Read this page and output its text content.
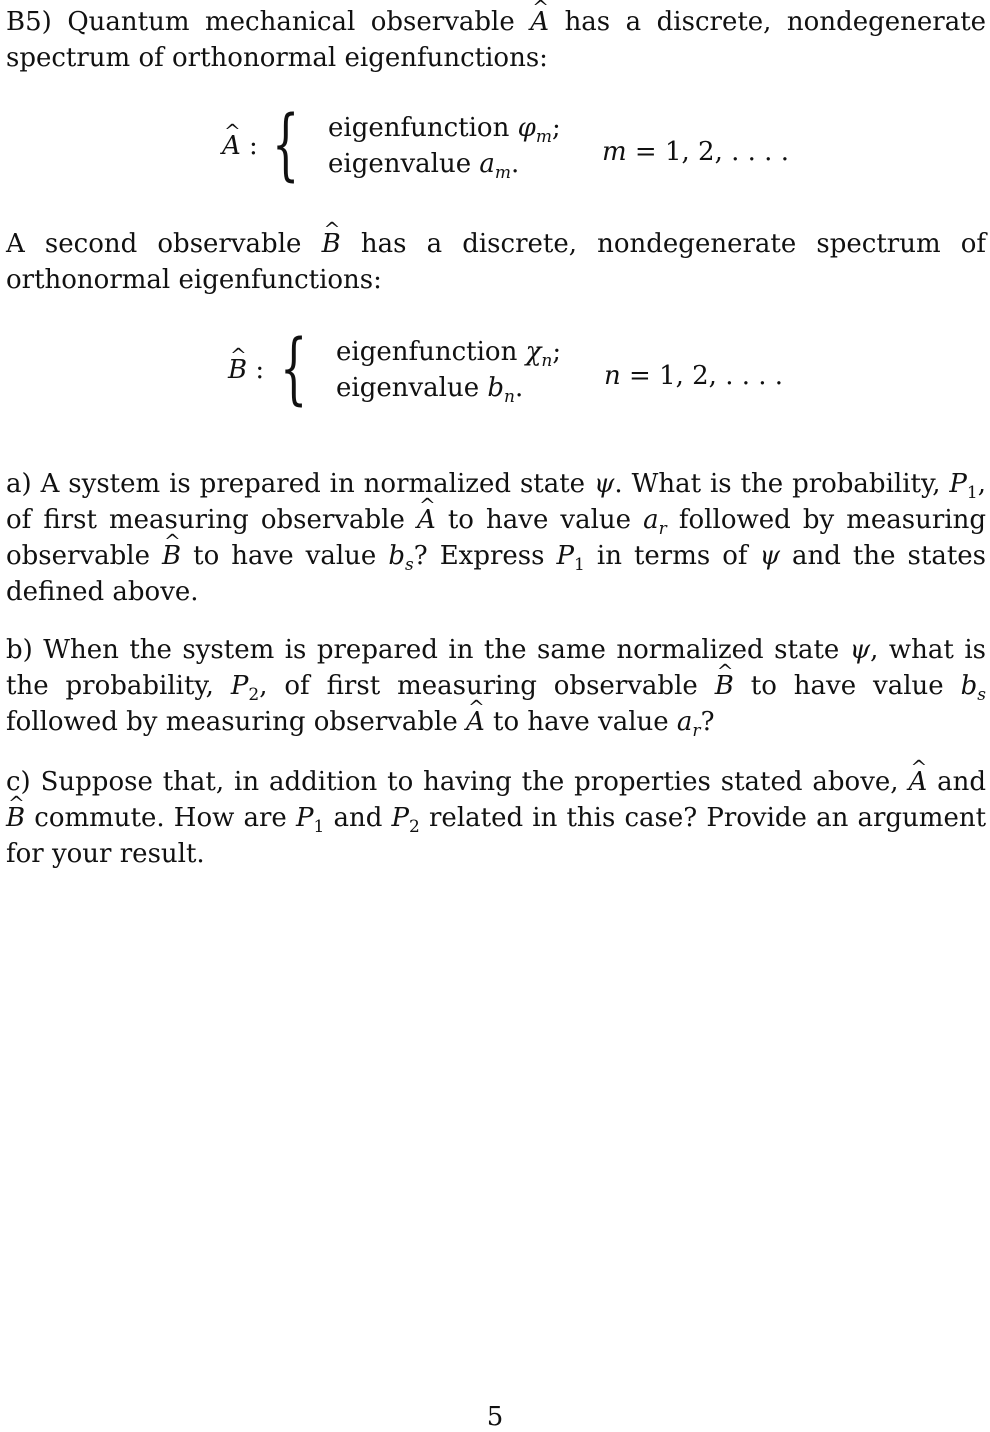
B5) Quantum mechanical observable ^ A has a discrete, nondegenerate spectrum of orthonormal eigenfunctions:

^ A : { eigenfunction $\varphi_m$;
eigenvalue $a_m$.	m = 1, 2, . . . .

A second observable ^ B has a discrete, nondegenerate spectrum of orthonormal eigenfunctions:

^ B : { eigenfunction $\chi_n$;
eigenvalue $b_n$.	n = 1, 2, . . . .

a) A system is prepared in normalized state ψ. What is the probability, $P_1$, of first measuring observable ^ A to have value $a_r$ followed by measuring observable ^ B to have value $b_s$? Express $P_1$ in terms of ψ and the states defined above.

b) When the system is prepared in the same normalized state ψ, what is the probability, $P_2$, of first measuring observable ^ B to have value $b_s$ followed by measuring observable ^ A to have value $a_r$?

c) Suppose that, in addition to having the properties stated above, ^ A and ^ B commute. How are $P_1$ and $P_2$ related in this case? Provide an argument for your result.

5
